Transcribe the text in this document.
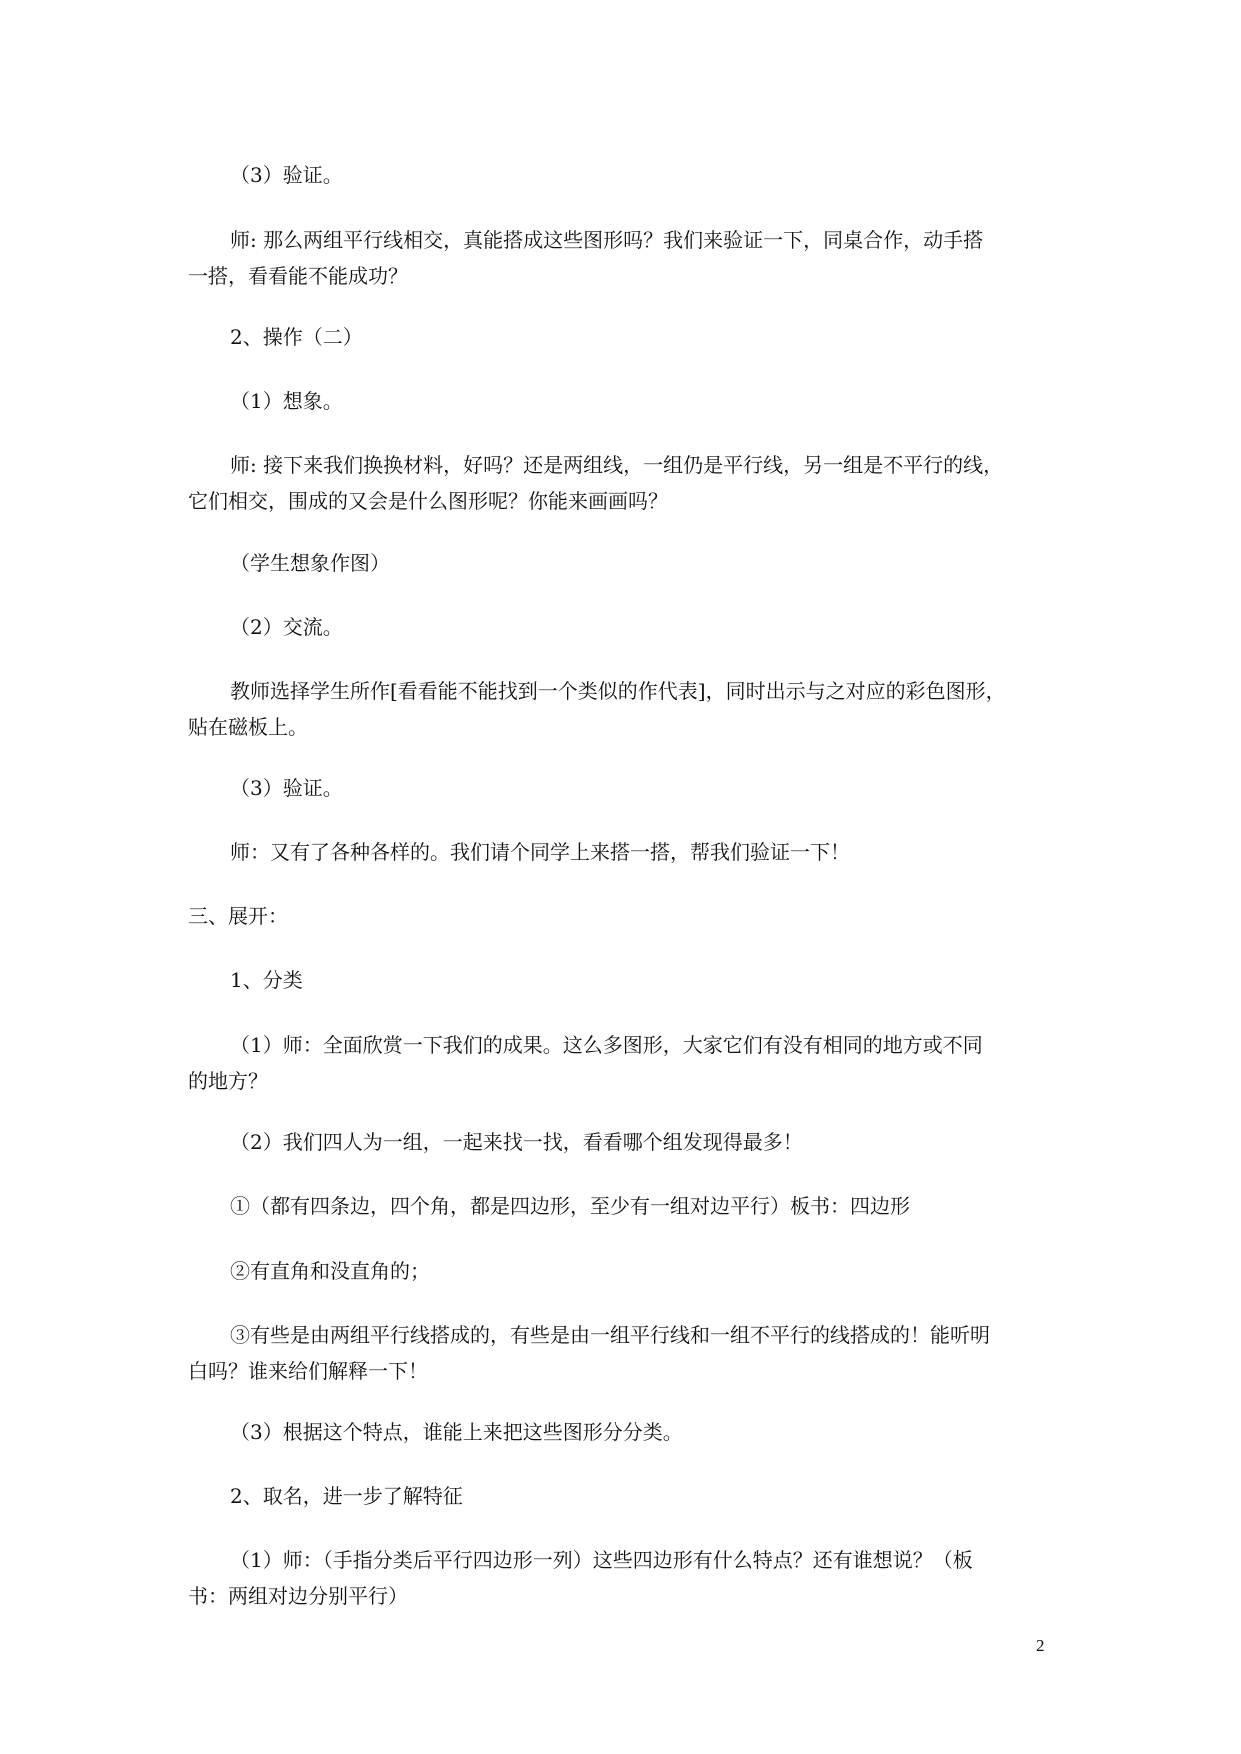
（3）验证。
师: 那么两组平行线相交，真能搭成这些图形吗？我们来验证一下，同桌合作，动手搭
一搭，看看能不能成功？
2、操作（二）
（1）想象。
师: 接下来我们换换材料，好吗？还是两组线，一组仍是平行线，另一组是不平行的线，
它们相交，围成的又会是什么图形呢？你能来画画吗？
（学生想象作图）
（2）交流。
教师选择学生所作[看看能不能找到一个类似的作代表]，同时出示与之对应的彩色图形，
贴在磁板上。
（3）验证。
师：又有了各种各样的。我们请个同学上来搭一搭，帮我们验证一下！
三、展开：
1、分类
（1）师：全面欣赏一下我们的成果。这么多图形，大家它们有没有相同的地方或不同
的地方？
（2）我们四人为一组，一起来找一找，看看哪个组发现得最多！
①（都有四条边，四个角，都是四边形，至少有一组对边平行）板书：四边形
②有直角和没直角的；
③有些是由两组平行线搭成的，有些是由一组平行线和一组不平行的线搭成的！能听明
白吗？谁来给们解释一下！
（3）根据这个特点，谁能上来把这些图形分分类。
2、取名，进一步了解特征
（1）师：（手指分类后平行四边形一列）这些四边形有什么特点？还有谁想说？（板
书：两组对边分别平行）
2
